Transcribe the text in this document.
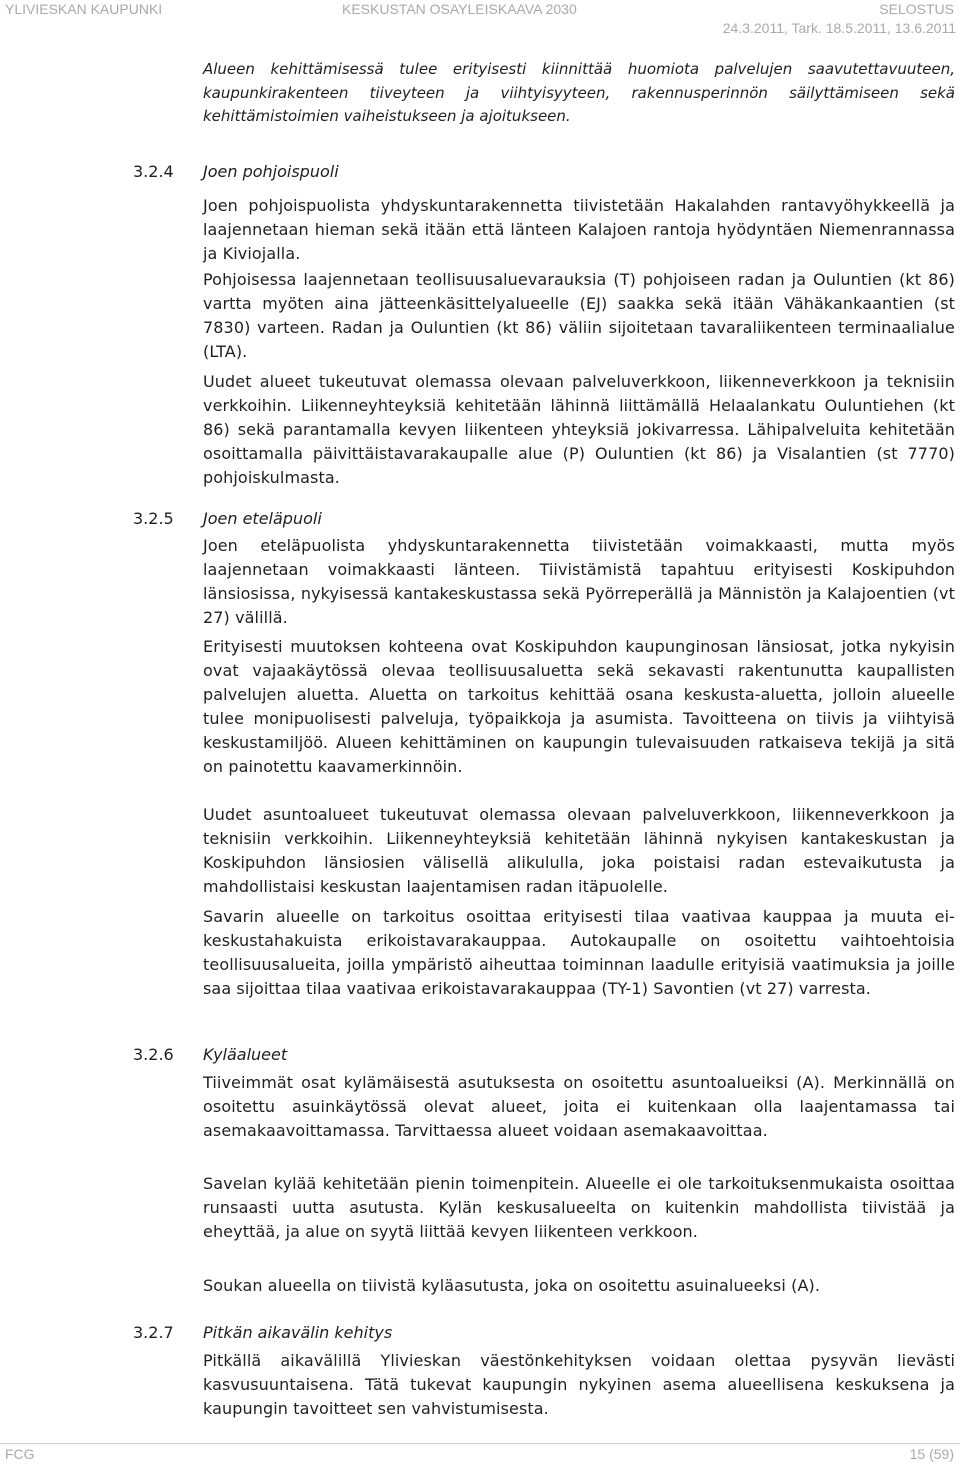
YLIVIESKAN KAUPUNKI	KESKUSTAN OSAYLEISKAAVA 2030	SELOSTUS
24.3.2011, Tark. 18.5.2011, 13.6.2011

Alueen kehittämisessä tulee erityisesti kiinnittää huomiota palvelujen saavutettavuuteen, kaupunkirakenteen tiiveyteen ja viihtyisyyteen, rakennusperinnön säilyttämiseen sekä kehittämistoimien vaiheistukseen ja ajoitukseen.

3.2.4 Joen pohjoispuoli

Joen pohjoispuolista yhdyskuntarakennetta tiivistetään Hakalahden rantavyöhykkeellä ja laajennetaan hieman sekä itään että länteen Kalajoen rantoja hyödyntäen Niemenrannassa ja Kiviojalla.

Pohjoisessa laajennetaan teollisuusaluevarauksia (T) pohjoiseen radan ja Ouluntien (kt 86) vartta myöten aina jätteenkäsittelyalueelle (EJ) saakka sekä itään Vähäkankaantien (st 7830) varteen. Radan ja Ouluntien (kt 86) väliin sijoitetaan tavaraliikenteen terminaalialue (LTA).

Uudet alueet tukeutuvat olemassa olevaan palveluverkkoon, liikenneverkkoon ja teknisiin verkkoihin. Liikenneyhteyksiä kehitetään lähinnä liittämällä Helaalankatu Ouluntiehen (kt 86) sekä parantamalla kevyen liikenteen yhteyksiä jokivarressa. Lähipalveluita kehitetään osoittamalla päivittäistavarakaupalle alue (P) Ouluntien (kt 86) ja Visalantien (st 7770) pohjoiskulmasta.

3.2.5 Joen eteläpuoli

Joen eteläpuolista yhdyskuntarakennetta tiivistetään voimakkaasti, mutta myös laajennetaan voimakkaasti länteen. Tiivistämistä tapahtuu erityisesti Koskipuhdon länsiosissa, nykyisessä kantakeskustassa sekä Pyörreperällä ja Männistön ja Kalajoentien (vt 27) välillä.

Erityisesti muutoksen kohteena ovat Koskipuhdon kaupunginosan länsiosat, jotka nykyisin ovat vajaakäytössä olevaa teollisuusaluetta sekä sekavasti rakentunutta kaupallisten palvelujen aluetta. Aluetta on tarkoitus kehittää osana keskusta-aluetta, jolloin alueelle tulee monipuolisesti palveluja, työpaikkoja ja asumista. Tavoitteena on tiivis ja viihtyisä keskustamiljöö. Alueen kehittäminen on kaupungin tulevaisuuden ratkaiseva tekijä ja sitä on painotettu kaavamerkinnöin.

Uudet asuntoalueet tukeutuvat olemassa olevaan palveluverkkoon, liikenneverkkoon ja teknisiin verkkoihin. Liikenneyhteyksiä kehitetään lähinnä nykyisen kantakeskustan ja Koskipuhdon länsiosien välisellä alikululla, joka poistaisi radan estevaikutusta ja mahdollistaisi keskustan laajentamisen radan itäpuolelle.

Savarin alueelle on tarkoitus osoittaa erityisesti tilaa vaativaa kauppaa ja muuta ei-keskustahakuista erikoistavarakauppaa. Autokaupalle on osoitettu vaihtoehtoisia teollisuusalueita, joilla ympäristö aiheuttaa toiminnan laadulle erityisiä vaatimuksia ja joille saa sijoittaa tilaa vaativaa erikoistavarakauppaa (TY-1) Savontien (vt 27) varresta.

3.2.6 Kyläalueet

Tiiveimmät osat kylämäisestä asutuksesta on osoitettu asuntoalueiksi (A). Merkinnällä on osoitettu asuinkäytössä olevat alueet, joita ei kuitenkaan olla laajentamassa tai asemakaavoittamassa. Tarvittaessa alueet voidaan asemakaavoittaa.

Savelan kylää kehitetään pienin toimenpitein. Alueelle ei ole tarkoituksenmukaista osoittaa runsaasti uutta asutusta. Kylän keskusalueelta on kuitenkin mahdollista tiivistää ja eheyttää, ja alue on syytä liittää kevyen liikenteen verkkoon.

Soukan alueella on tiivistä kyläasutusta, joka on osoitettu asuinalueeksi (A).

3.2.7 Pitkän aikavälin kehitys

Pitkällä aikavälillä Ylivieskan väestönkehityksen voidaan olettaa pysyvän lievästi kasvusuuntaisena. Tätä tukevat kaupungin nykyinen asema alueellisena keskuksena ja kaupungin tavoitteet sen vahvistumisesta.

FCG	15 (59)
